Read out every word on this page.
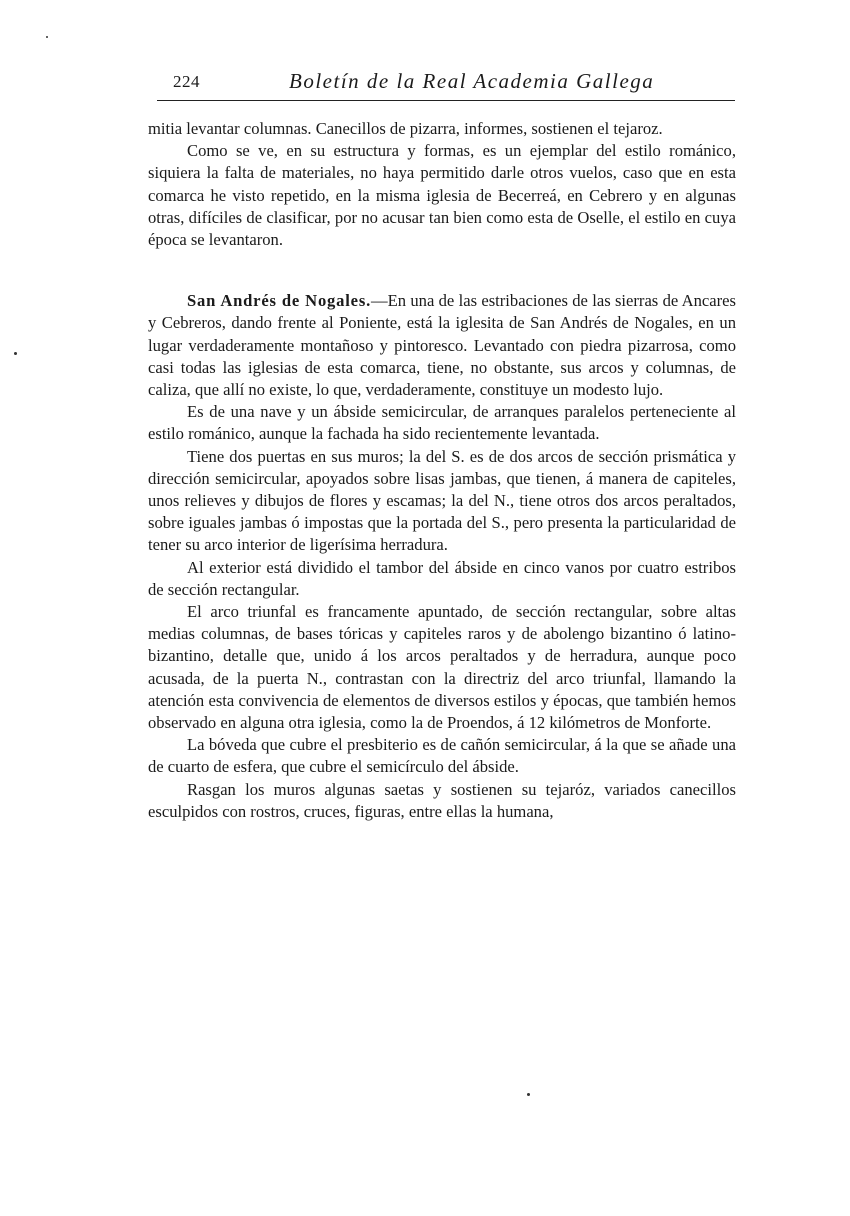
224	Boletín de la Real Academia Gallega

mitia levantar columnas. Canecillos de pizarra, informes, sostienen el tejaroz.

Como se ve, en su estructura y formas, es un ejemplar del estilo románico, siquiera la falta de materiales, no haya permitido darle otros vuelos, caso que en esta comarca he visto repetido, en la misma iglesia de Becerreá, en Cebrero y en algunas otras, difíciles de clasificar, por no acusar tan bien como esta de Oselle, el estilo en cuya época se levantaron.

San Andrés de Nogales.—En una de las estribaciones de las sierras de Ancares y Cebreros, dando frente al Poniente, está la iglesita de San Andrés de Nogales, en un lugar verdaderamente montañoso y pintoresco. Levantado con piedra pizarrosa, como casi todas las iglesias de esta comarca, tiene, no obstante, sus arcos y columnas, de caliza, que allí no existe, lo que, verdaderamente, constituye un modesto lujo.

Es de una nave y un ábside semicircular, de arranques paralelos perteneciente al estilo románico, aunque la fachada ha sido recientemente levantada.

Tiene dos puertas en sus muros; la del S. es de dos arcos de sección prismática y dirección semicircular, apoyados sobre lisas jambas, que tienen, á manera de capiteles, unos relieves y dibujos de flores y escamas; la del N., tiene otros dos arcos peraltados, sobre iguales jambas ó impostas que la portada del S., pero presenta la particularidad de tener su arco interior de ligerísima herradura.

Al exterior está dividido el tambor del ábside en cinco vanos por cuatro estribos de sección rectangular.

El arco triunfal es francamente apuntado, de sección rectangular, sobre altas medias columnas, de bases tóricas y capiteles raros y de abolengo bizantino ó latino-bizantino, detalle que, unido á los arcos peraltados y de herradura, aunque poco acusada, de la puerta N., contrastan con la directriz del arco triunfal, llamando la atención esta convivencia de elementos de diversos estilos y épocas, que también hemos observado en alguna otra iglesia, como la de Proendos, á 12 kilómetros de Monforte.

La bóveda que cubre el presbiterio es de cañón semicircular, á la que se añade una de cuarto de esfera, que cubre el semicírculo del ábside.

Rasgan los muros algunas saetas y sostienen su tejaróz, variados canecillos esculpidos con rostros, cruces, figuras, entre ellas la humana,
